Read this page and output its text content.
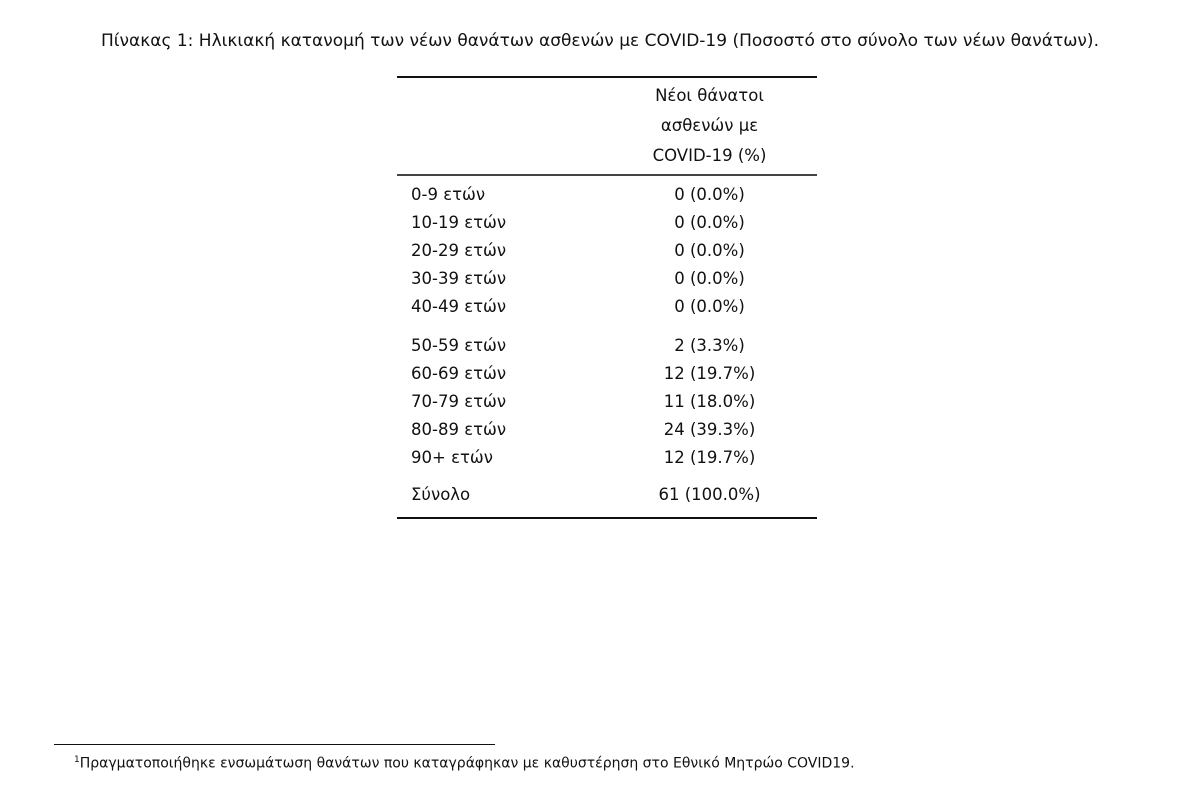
Πίνακας 1: Ηλικιακή κατανομή των νέων θανάτων ασθενών με COVID-19 (Ποσοστό στο σύνολο των νέων θανάτων).
Νέοι θάνατοι
ασθενών με
COVID-19 (%)
0-9 ετών	0 (0.0%)
10-19 ετών	0 (0.0%)
20-29 ετών	0 (0.0%)
30-39 ετών	0 (0.0%)
40-49 ετών	0 (0.0%)
50-59 ετών	2 (3.3%)
60-69 ετών	12 (19.7%)
70-79 ετών	11 (18.0%)
80-89 ετών	24 (39.3%)
90+ ετών	12 (19.7%)
Σύνολο	61 (100.0%)
$^1$Πραγματοποιήθηκε ενσωμάτωση θανάτων που καταγράφηκαν με καθυστέρηση στο Εθνικό Μητρώο COVID19.
